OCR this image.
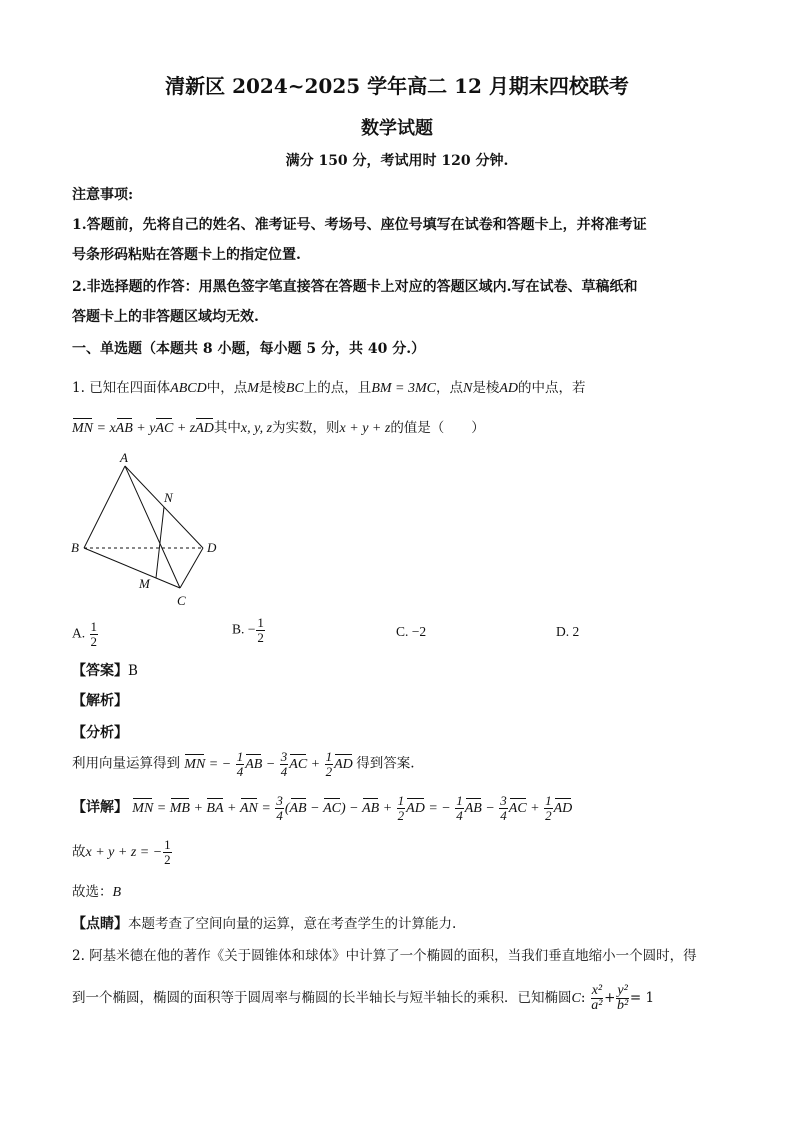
清新区 2024~2025 学年高二 12 月期末四校联考
数学试题
满分 150 分，考试用时 120 分钟.
注意事项:
1.答题前，先将自己的姓名、准考证号、考场号、座位号填写在试卷和答题卡上，并将准考证
号条形码粘贴在答题卡上的指定位置.
2.非选择题的作答：用黑色签字笔直接答在答题卡上对应的答题区域内.写在试卷、草稿纸和
答题卡上的非答题区域均无效.
一、单选题（本题共 8 小题，每小题 5 分，共 40 分.）
1. 已知在四面体ABCD中，点M是棱BC上的点，且BM = 3MC，点N是棱AD的中点，若
MN = xAB + yAC + zAD其中x, y, z为实数，则x + y + z的值是（　　）
A
B
C
D
M
N
A. $\frac{1}{2}$	B. − $\frac{1}{2}$	C. −2	D. 2
【答案】B
【解析】
【分析】
利用向量运算得到 MN = − $\frac{1}{4}$ AB − $\frac{3}{4}$ AC + $\frac{1}{2}$ AD 得到答案.
【详解】 MN = MB + BA + AN = $\frac{3}{4} (AB - AC)$ − AB + $\frac{1}{2}$ AD = − $\frac{1}{4}$ AB − $\frac{3}{4}$ AC + $\frac{1}{2}$ AD
故x + y + z = − $\frac{1}{2}$
故选：B
【点睛】本题考查了空间向量的运算，意在考查学生的计算能力.
2. 阿基米德在他的著作《关于圆锥体和球体》中计算了一个椭圆的面积，当我们垂直地缩小一个圆时，得
到一个椭圆，椭圆的面积等于圆周率与椭圆的长半轴长与短半轴长的乘积．已知椭圆C: $\frac{\text{x²}}{\text{a²}} + \frac{\text{y²}}{\text{b²}} = 1$
